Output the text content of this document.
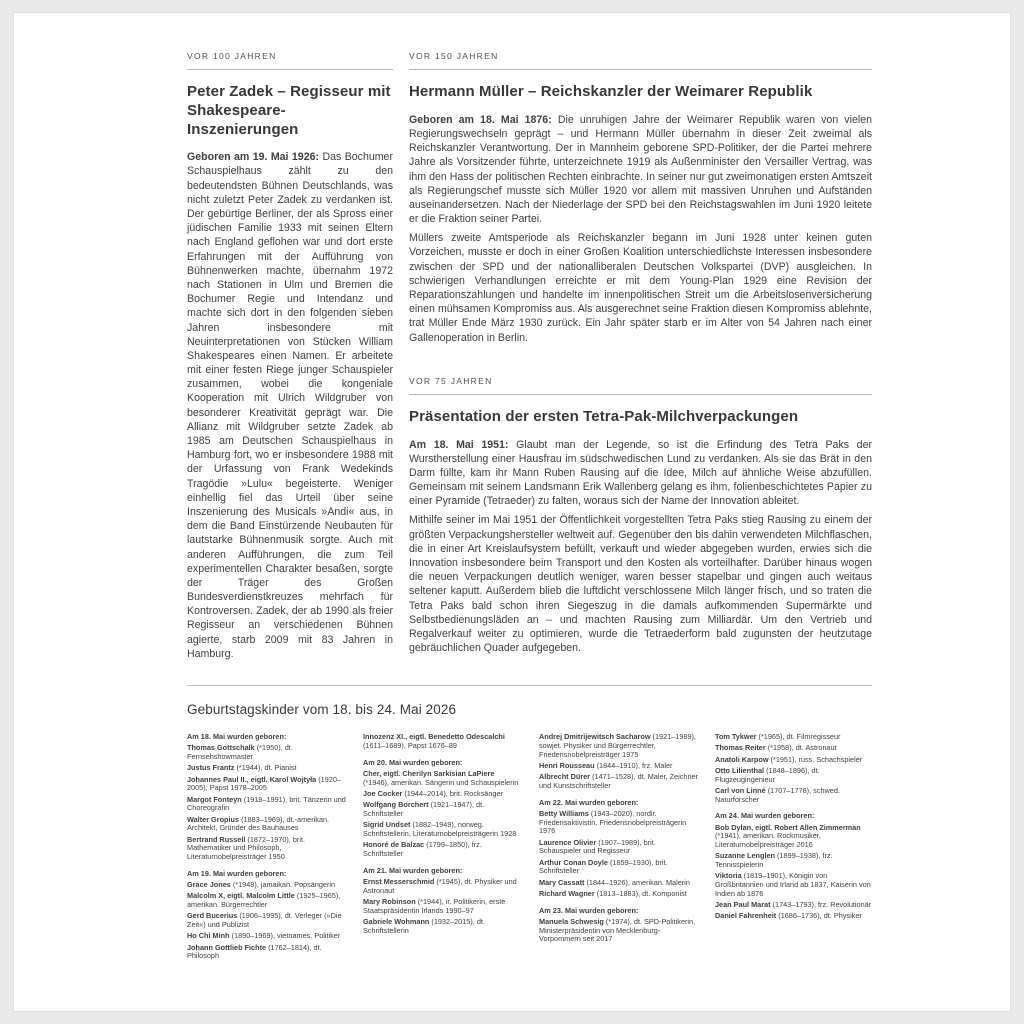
VOR 100 JAHREN
Peter Zadek – Regisseur mit Shakespeare-Inszenierungen

Geboren am 19. Mai 1926: Das Bochumer Schauspielhaus zählt zu den bedeutendsten Bühnen Deutschlands, was nicht zuletzt Peter Zadek zu verdanken ist. Der gebürtige Berliner, der als Spross einer jüdischen Familie 1933 mit seinen Eltern nach England geflohen war und dort erste Erfahrungen mit der Aufführung von Bühnenwerken machte, übernahm 1972 nach Stationen in Ulm und Bremen die Bochumer Regie und Intendanz und machte sich dort in den folgenden sieben Jahren insbesondere mit Neuinterpretationen von Stücken William Shakespeares einen Namen. Er arbeitete mit einer festen Riege junger Schauspieler zusammen, wobei die kongeniale Kooperation mit Ulrich Wildgruber von besonderer Kreativität geprägt war. Die Allianz mit Wildgruber setzte Zadek ab 1985 am Deutschen Schauspielhaus in Hamburg fort, wo er insbesondere 1988 mit der Urfassung von Frank Wedekinds Tragödie »Lulu« begeisterte. Weniger einhellig fiel das Urteil über seine Inszenierung des Musicals »Andi« aus, in dem die Band Einstürzende Neubauten für lautstarke Bühnenmusik sorgte. Auch mit anderen Aufführungen, die zum Teil experimentellen Charakter besaßen, sorgte der Träger des Großen Bundesverdienstkreuzes mehrfach für Kontroversen. Zadek, der ab 1990 als freier Regisseur an verschiedenen Bühnen agierte, starb 2009 mit 83 Jahren in Hamburg.

VOR 150 JAHREN
Hermann Müller – Reichskanzler der Weimarer Republik

Geboren am 18. Mai 1876: Die unruhigen Jahre der Weimarer Republik waren von vielen Regierungswechseln geprägt – und Hermann Müller übernahm in dieser Zeit zweimal als Reichskanzler Verantwortung. Der in Mannheim geborene SPD-Politiker, der die Partei mehrere Jahre als Vorsitzender führte, unterzeichnete 1919 als Außenminister den Versailler Vertrag, was ihm den Hass der politischen Rechten einbrachte. In seiner nur gut zweimonatigen ersten Amtszeit als Regierungschef musste sich Müller 1920 vor allem mit massiven Unruhen und Aufständen auseinandersetzen. Nach der Niederlage der SPD bei den Reichstagswahlen im Juni 1920 leitete er die Fraktion seiner Partei.

Müllers zweite Amtsperiode als Reichskanzler begann im Juni 1928 unter keinen guten Vorzeichen, musste er doch in einer Großen Koalition unterschiedlichste Interessen insbesondere zwischen der SPD und der nationalliberalen Deutschen Volkspartei (DVP) ausgleichen. In schwierigen Verhandlungen erreichte er mit dem Young-Plan 1929 eine Revision der Reparationszahlungen und handelte im innenpolitischen Streit um die Arbeitslosenversicherung einen mühsamen Kompromiss aus. Als ausgerechnet seine Fraktion diesen Kompromiss ablehnte, trat Müller Ende März 1930 zurück. Ein Jahr später starb er im Alter von 54 Jahren nach einer Gallenoperation in Berlin.

VOR 75 JAHREN
Präsentation der ersten Tetra-Pak-Milchverpackungen

Am 18. Mai 1951: Glaubt man der Legende, so ist die Erfindung des Tetra Paks der Wurstherstellung einer Hausfrau im südschwedischen Lund zu verdanken. Als sie das Brät in den Darm füllte, kam ihr Mann Ruben Rausing auf die Idee, Milch auf ähnliche Weise abzufüllen. Gemeinsam mit seinem Landsmann Erik Wallenberg gelang es ihm, folienbeschichtetes Papier zu einer Pyramide (Tetraeder) zu falten, woraus sich der Name der Innovation ableitet.

Mithilfe seiner im Mai 1951 der Öffentlichkeit vorgestellten Tetra Paks stieg Rausing zu einem der größten Verpackungshersteller weltweit auf. Gegenüber den bis dahin verwendeten Milchflaschen, die in einer Art Kreislaufsystem befüllt, verkauft und wieder abgegeben wurden, erwies sich die Innovation insbesondere beim Transport und den Kosten als vorteilhafter. Darüber hinaus wogen die neuen Verpackungen deutlich weniger, waren besser stapelbar und gingen auch weitaus seltener kaputt. Außerdem blieb die luftdicht verschlossene Milch länger frisch, und so traten die Tetra Paks bald schon ihren Siegeszug in die damals aufkommenden Supermärkte und Selbstbedienungsläden an – und machten Rausing zum Milliardär. Um den Vertrieb und Regalverkauf weiter zu optimieren, wurde die Tetraederform bald zugunsten der heutzutage gebräuchlichen Quader aufgegeben.

Geburtstagskinder vom 18. bis 24. Mai 2026

Am 18. Mai wurden geboren:

Thomas Gottschalk (*1950), dt. Fernsehshowmaster

Justus Frantz (*1944), dt. Pianist

Johannes Paul II., eigtl. Karol Wojtyła (1920–2005), Papst 1978–2005

Margot Fonteyn (1919–1991), brit. Tänzerin und Choreografin

Walter Gropius (1883–1969), dt.-amerikan. Architekt, Gründer des Bauhauses

Bertrand Russell (1872–1970), brit. Mathematiker und Philosoph, Literaturnobelpreisträger 1950

Am 19. Mai wurden geboren:

Grace Jones (*1948), jamaikan. Popsängerin

Malcolm X, eigtl. Malcolm Little (1925–1965), amerikan. Bürgerrechtler

Gerd Bucerius (1906–1995), dt. Verleger (»Die Zeit«) und Publizist

Ho Chi Minh (1890–1969), vietnames. Politiker

Johann Gottlieb Fichte (1762–1814), dt. Philosoph

Innozenz XI., eigtl. Benedetto Odescalchi (1611–1689), Papst 1676–89

Am 20. Mai wurden geboren:

Cher, eigtl. Cherilyn Sarkisian LaPiere (*1946), amerikan. Sängerin und Schauspielerin

Joe Cocker (1944–2014), brit. Rocksänger

Wolfgang Borchert (1921–1947), dt. Schriftsteller

Sigrid Undset (1882–1949), norweg. Schriftstellerin, Literaturnobelpreisträgerin 1928

Honoré de Balzac (1799–1850), frz. Schriftsteller

Am 21. Mai wurden geboren:

Ernst Messerschmid (*1945), dt. Physiker und Astronaut

Mary Robinson (*1944), ir. Politikerin, erste Staatspräsidentin Irlands 1990–97

Gabriele Wohmann (1932–2015), dt. Schriftstellerin

Andrej Dmitrijewitsch Sacharow (1921–1989), sowjet. Physiker und Bürgerrechtler, Friedensnobelpreisträger 1975

Henri Rousseau (1844–1910), frz. Maler

Albrecht Dürer (1471–1528), dt. Maler, Zeichner und Kunstschriftsteller

Am 22. Mai wurden geboren:

Betty Williams (1943–2020), nordir. Friedensaktivistin, Friedensnobelpreisträgerin 1976

Laurence Olivier (1907–1989), brit. Schauspieler und Regisseur

Arthur Conan Doyle (1859–1930), brit. Schriftsteller

Mary Cassatt (1844–1926), amerikan. Malerin

Richard Wagner (1813–1883), dt. Komponist

Am 23. Mai wurden geboren:

Manuela Schwesig (*1974), dt. SPD-Politikerin, Ministerpräsidentin von Mecklenburg-Vorpommern seit 2017

Tom Tykwer (*1965), dt. Filmregisseur

Thomas Reiter (*1958), dt. Astronaut

Anatoli Karpow (*1951), russ. Schachspieler

Otto Lilienthal (1848–1896), dt. Flugzeugingenieur

Carl von Linné (1707–1778), schwed. Naturforscher

Am 24. Mai wurden geboren:

Bob Dylan, eigtl. Robert Allen Zimmerman (*1941), amerikan. Rockmusiker, Literaturnobelpreisträger 2016

Suzanne Lenglen (1899–1938), frz. Tennisspielerin

Viktoria (1819–1901), Königin von Großbritannien und Irland ab 1837, Kaiserin von Indien ab 1876

Jean Paul Marat (1743–1793), frz. Revolutionär

Daniel Fahrenheit (1686–1736), dt. Physiker
